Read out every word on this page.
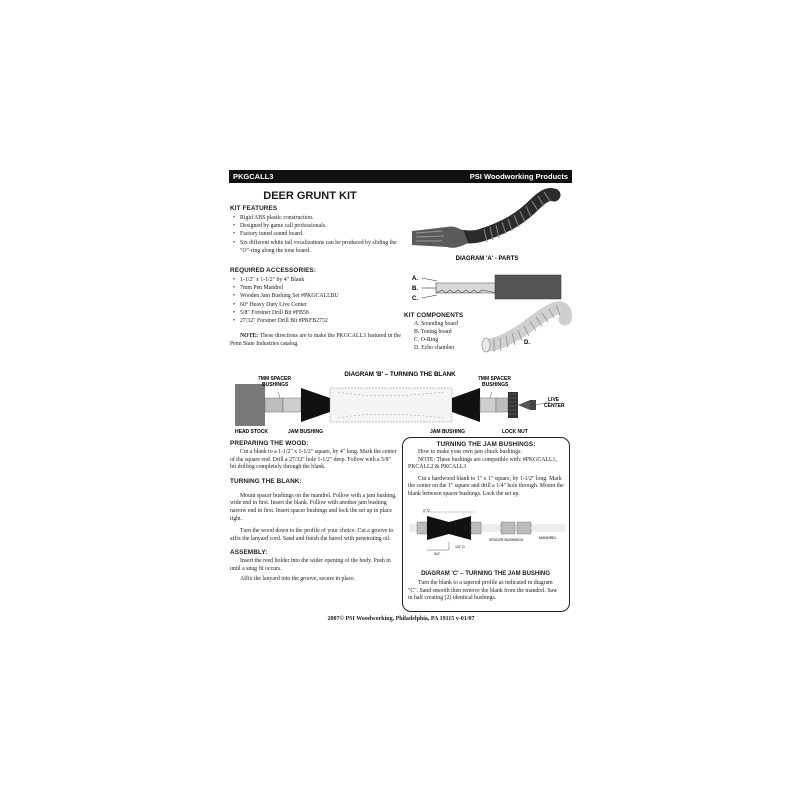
PKGCALL3	PSI Woodworking Products
DEER GRUNT KIT
KIT FEATURES
• Rigid ABS plastic construction.
• Designed by game call professionals.
• Factory tuned sound board.
• Six different white tail vocalizations can be produced by sliding the "O"-ring along the tone board.
REQUIRED ACCESSORIES:
• 1-1/2" x 1-1/2" by 4" Blank
• 7mm Pen Mandrel
• Wooden Jam Bushing Set #PKGCALLBU
• 60° Heavy Duty Live Center
• 5/8" Forstner Drill Bit #FB58
• 27/32" Forstner Drill Bit #PKFB2732
NOTE: These directions are to make the PKGCALL3 featured in the Penn State Industries catalog.
DIAGRAM 'A' - PARTS
A.
B.
C.
D.
KIT COMPONENTS
A. Sounding board
B. Toning board
C. O-Ring
D. Echo chamber
DIAGRAM 'B' – TURNING THE BLANK
7MM SPACER
BUSHINGS
7MM SPACER
BUSHINGS
LIVE
CENTER
HEAD STOCK	JAM BUSHING	JAM BUSHING	LOCK NUT
PREPARING THE WOOD:

Cut a blank to a 1-1/2" x 1-1/2" square, by 4" long. Mark the center of the square end. Drill a 27/32" hole 1-1/2" deep. Follow with a 5/8" bit drilling completely through the blank.

TURNING THE BLANK:

Mount spacer bushings on the mandrel. Follow with a jam bushing, wide end in first. Insert the blank. Follow with another jam bushing narrow end in first. Insert spacer bushings and lock the set up in place tight.

Turn the wood down to the profile of your choice. Cut a groove to affix the lanyard cord. Sand and finish the barrel with penetrating oil.

ASSEMBLY:

Insert the reed holder into the wider opening of the body. Push in until a snug fit occurs.

Affix the lanyard into the groove, secure in place.

TURNING THE JAM BUSHINGS:

How to make your own jam chuck bushings:

NOTE: These bushings are compatible with: #PKGCALL1, PKCALL2 & PKCALL3

Cut a hardwood blank to 1" x 1" square, by 1-1/2" long. Mark the center on the 1" square and drill a 1/4" hole through. Mount the blank between spacer bushings. Lock the set up.

1" D
1/2" D
3/4"
SPACER BUSHINGS	MANDREL
DIAGRAM 'C' – TURNING THE JAM BUSHING

Turn the blank to a tapered profile as indicated in diagram "C". Sand smooth then remove the blank from the mandrel. Saw in half creating (2) identical bushings.

2007© PSI Woodworking, Philadelphia, PA 19115 v-01/07
